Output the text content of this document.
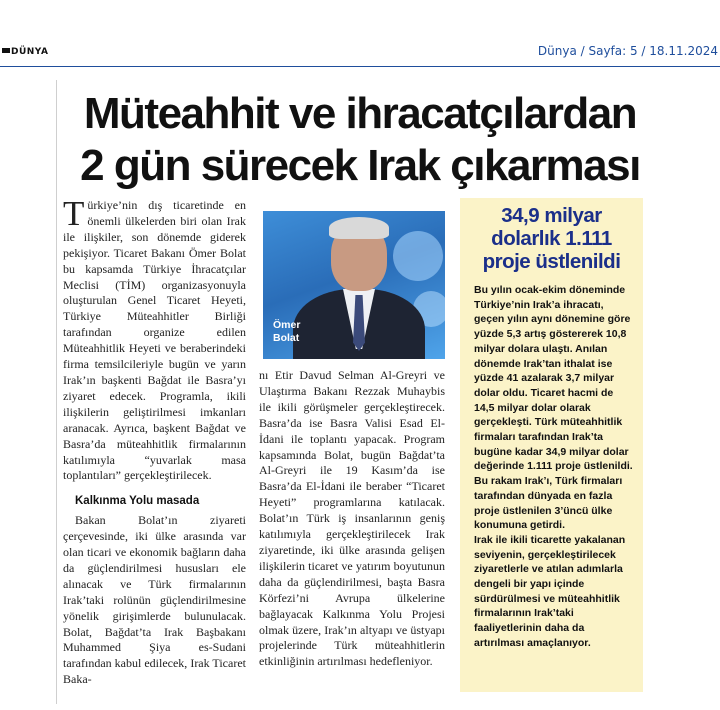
DÜNYA	Dünya / Sayfa: 5 / 18.11.2024
Müteahhit ve ihracatçılardan
2 gün sürecek Irak çıkarması

Türkiye’nin dış ticaretinde en önemli ülkelerden biri olan Irak ile ilişkiler, son dönemde giderek pekişiyor. Ticaret Bakanı Ömer Bolat bu kapsamda Türkiye İhracatçılar Meclisi (TİM) organizasyonuyla oluşturulan Genel Ticaret Heyeti, Türkiye Müteahhitler Birliği tarafından organize edilen Müteahhitlik Heyeti ve beraberindeki firma temsilcileriyle bugün ve yarın Irak’ın başkenti Bağdat ile Basra’yı ziyaret edecek. Programla, ikili ilişkilerin geliştirilmesi imkanları aranacak. Ayrıca, başkent Bağdat ve Basra’da müteahhitlik firmalarının katılımıyla “yuvarlak masa toplantıları” gerçekleştirilecek.

Kalkınma Yolu masada

Bakan Bolat’ın ziyareti çerçevesinde, iki ülke arasında var olan ticari ve ekonomik bağların daha da güçlendirilmesi hususları ele alınacak ve Türk firmalarının Irak’taki rolünün güçlendirilmesine yönelik girişimlerde bulunulacak. Bolat, Bağdat’ta Irak Başbakanı Muhammed Şiya es-Sudani tarafından kabul edilecek, Irak Ticaret Baka-

Ömer
Bolat

nı Etir Davud Selman Al-Greyri ve Ulaştırma Bakanı Rezzak Muhaybis ile ikili görüşmeler gerçekleştirecek. Basra’da ise Basra Valisi Esad El-İdani ile toplantı yapacak. Program kapsamında Bolat, bugün Bağdat’ta Al-Greyri ile 19 Kasım’da ise Basra’da El-İdani ile beraber “Ticaret Heyeti” programlarına katılacak. Bolat’ın Türk iş insanlarının geniş katılımıyla gerçekleştirilecek Irak ziyaretinde, iki ülke arasında gelişen ilişkilerin ticaret ve yatırım boyutunun daha da güçlendirilmesi, başta Basra Körfezi’ni Avrupa ülkelerine bağlayacak Kalkınma Yolu Projesi olmak üzere, Irak’ın altyapı ve üstyapı projelerinde Türk müteahhitlerin etkinliğinin artırılması hedefleniyor.

34,9 milyar
dolarlık 1.111
proje üstlenildi

Bu yılın ocak-ekim döneminde Türkiye’nin Irak’a ihracatı, geçen yılın aynı dönemine göre yüzde 5,3 artış göstererek 10,8 milyar dolara ulaştı. Anılan dönemde Irak’tan ithalat ise yüzde 41 azalarak 3,7 milyar dolar oldu. Ticaret hacmi de 14,5 milyar dolar olarak gerçekleşti. Türk müteahhitlik firmaları tarafından Irak’ta bugüne kadar 34,9 milyar dolar değerinde 1.111 proje üstlenildi. Bu rakam Irak’ı, Türk firmaları tarafından dünyada en fazla proje üstlenilen 3’üncü ülke konumuna getirdi.

Irak ile ikili ticarette yakalanan seviyenin, gerçekleştirilecek ziyaretlerle ve atılan adımlarla dengeli bir yapı içinde sürdürülmesi ve müteahhitlik firmalarının Irak’taki faaliyetlerinin daha da artırılması amaçlanıyor.
